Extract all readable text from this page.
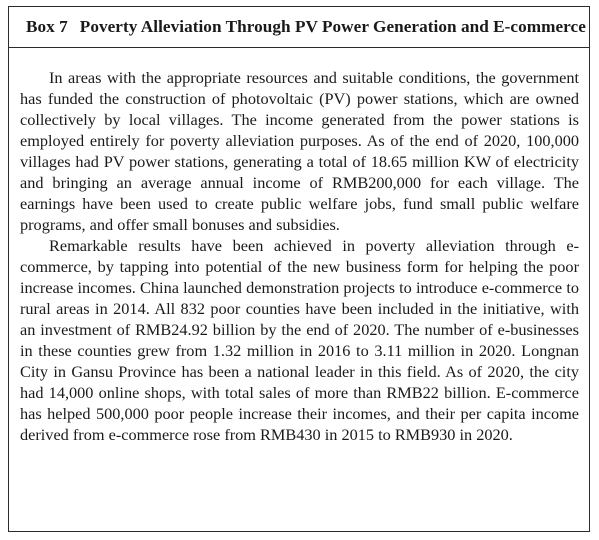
Box 7 Poverty Alleviation Through PV Power Generation and E-commerce

In areas with the appropriate resources and suitable conditions, the government has funded the construction of photovoltaic (PV) power stations, which are owned collectively by local villages. The income generated from the power stations is employed entirely for poverty alleviation purposes. As of the end of 2020, 100,000 villages had PV power stations, generating a total of 18.65 million KW of electricity and bringing an average annual income of RMB200,000 for each village. The earnings have been used to create public welfare jobs, fund small public welfare programs, and offer small bonuses and subsidies.

Remarkable results have been achieved in poverty alleviation through e-commerce, by tapping into potential of the new business form for helping the poor increase incomes. China launched demonstration projects to introduce e-commerce to rural areas in 2014. All 832 poor counties have been included in the initiative, with an investment of RMB24.92 billion by the end of 2020. The number of e-businesses in these counties grew from 1.32 million in 2016 to 3.11 million in 2020. Longnan City in Gansu Province has been a national leader in this field. As of 2020, the city had 14,000 online shops, with total sales of more than RMB22 billion. E-commerce has helped 500,000 poor people increase their incomes, and their per capita income derived from e-commerce rose from RMB430 in 2015 to RMB930 in 2020.
